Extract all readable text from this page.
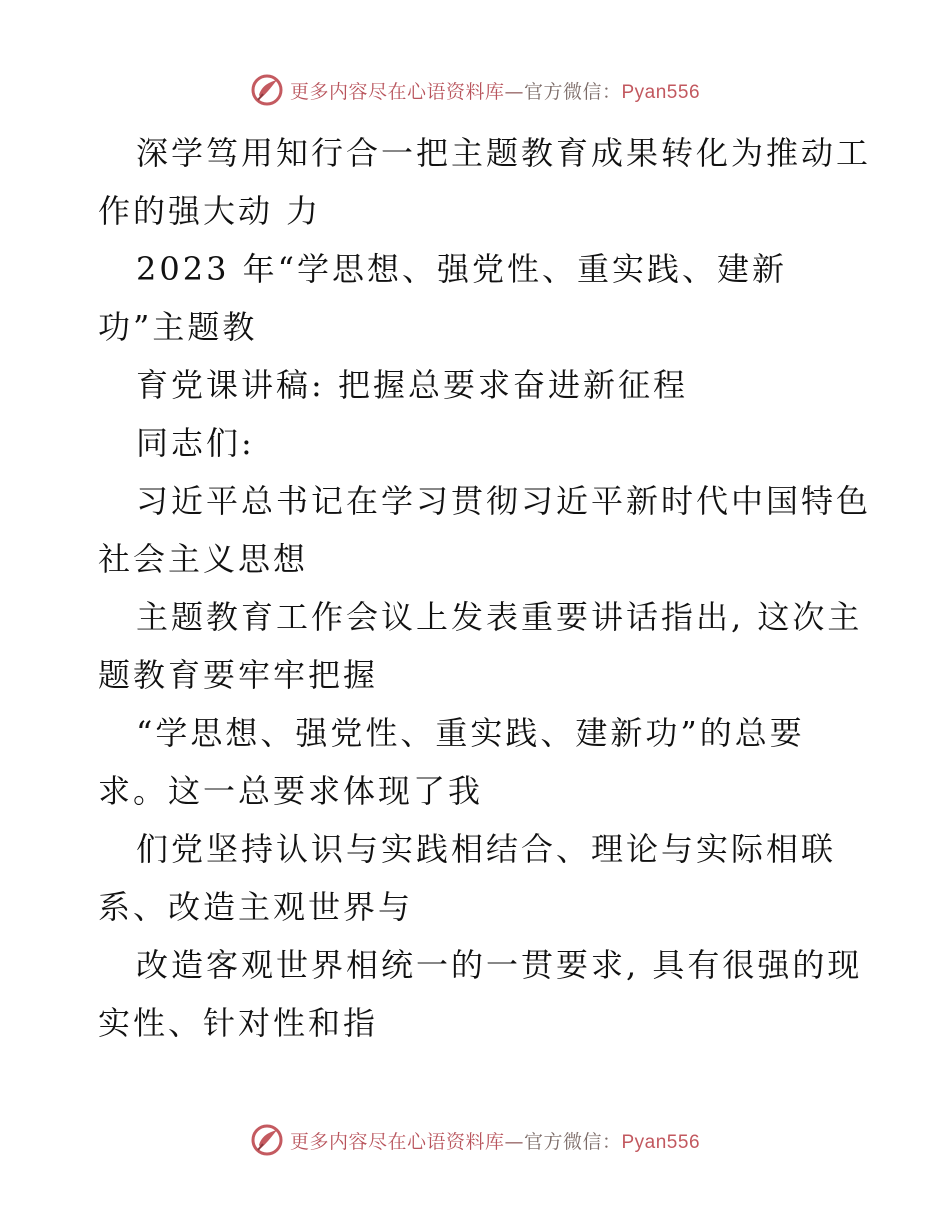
更多内容尽在心语资料库—官方微信：Pyan556
深学笃用知行合一把主题教育成果转化为推动工
作的强大动 力
2023 年“学思想、强党性、重实践、建新
功”主题教
育党课讲稿: 把握总要求奋进新征程
同志们:
习近平总书记在学习贯彻习近平新时代中国特色
社会主义思想
主题教育工作会议上发表重要讲话指出, 这次主
题教育要牢牢把握
“学思想、强党性、重实践、建新功”的总要
求。这一总要求体现了我
们党坚持认识与实践相结合、理论与实际相联
系、改造主观世界与
改造客观世界相统一的一贯要求, 具有很强的现
实性、针对性和指
更多内容尽在心语资料库—官方微信：Pyan556
